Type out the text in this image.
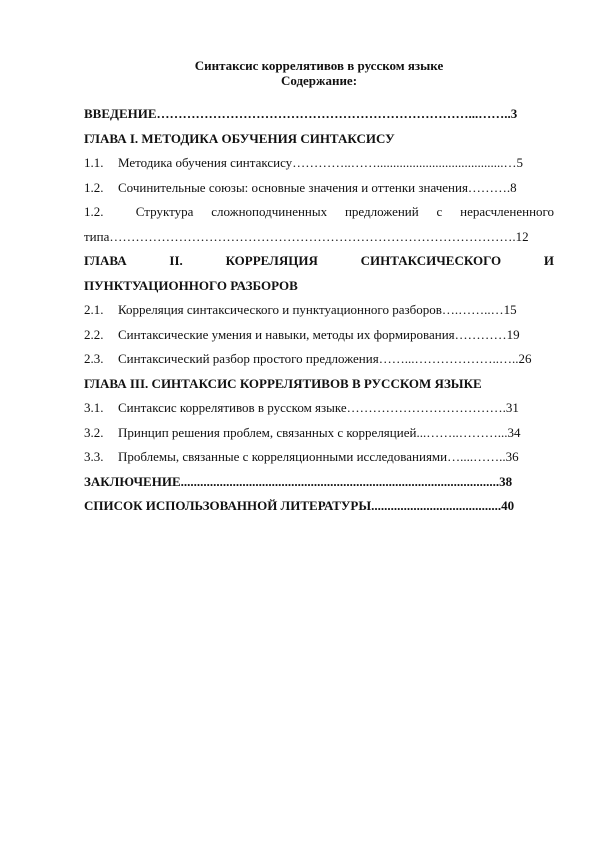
Синтаксис коррелятивов в русском языке
Содержание:
ВВЕДЕНИЕ………………………………………………………………...……..3
ГЛАВА I. МЕТОДИКА ОБУЧЕНИЯ СИНТАКСИСУ
1.1. Методика обучения синтаксису…………..…….......................................…5
1.2. Сочинительные союзы: основные значения и оттенки значения……….8
1.2. Структура сложноподчиненных предложений с нерасчлененного
типа………………………………………………………………………………….12
ГЛАВА	II.	КОРРЕЛЯЦИЯ	СИНТАКСИЧЕСКОГО	И
ПУНКТУАЦИОННОГО РАЗБОРОВ
2.1. Корреляция синтаксического и пунктуационного разборов….……..…15
2.2. Синтаксические умения и навыки, методы их формирования…………19
2.3. Синтаксический разбор простого предложения……...………………..…..26
ГЛАВА III. СИНТАКСИС КОРРЕЛЯТИВОВ В РУССКОМ ЯЗЫКЕ
3.1. Синтаксис коррелятивов в русском языке……………………………….31
3.2. Принцип решения проблем, связанных с корреляцией...……..………...34
3.3. Проблемы, связанные с корреляционными исследованиями…....……..36
ЗАКЛЮЧЕНИЕ..................................................................................................38
СПИСОК ИСПОЛЬЗОВАННОЙ ЛИТЕРАТУРЫ........................................40
